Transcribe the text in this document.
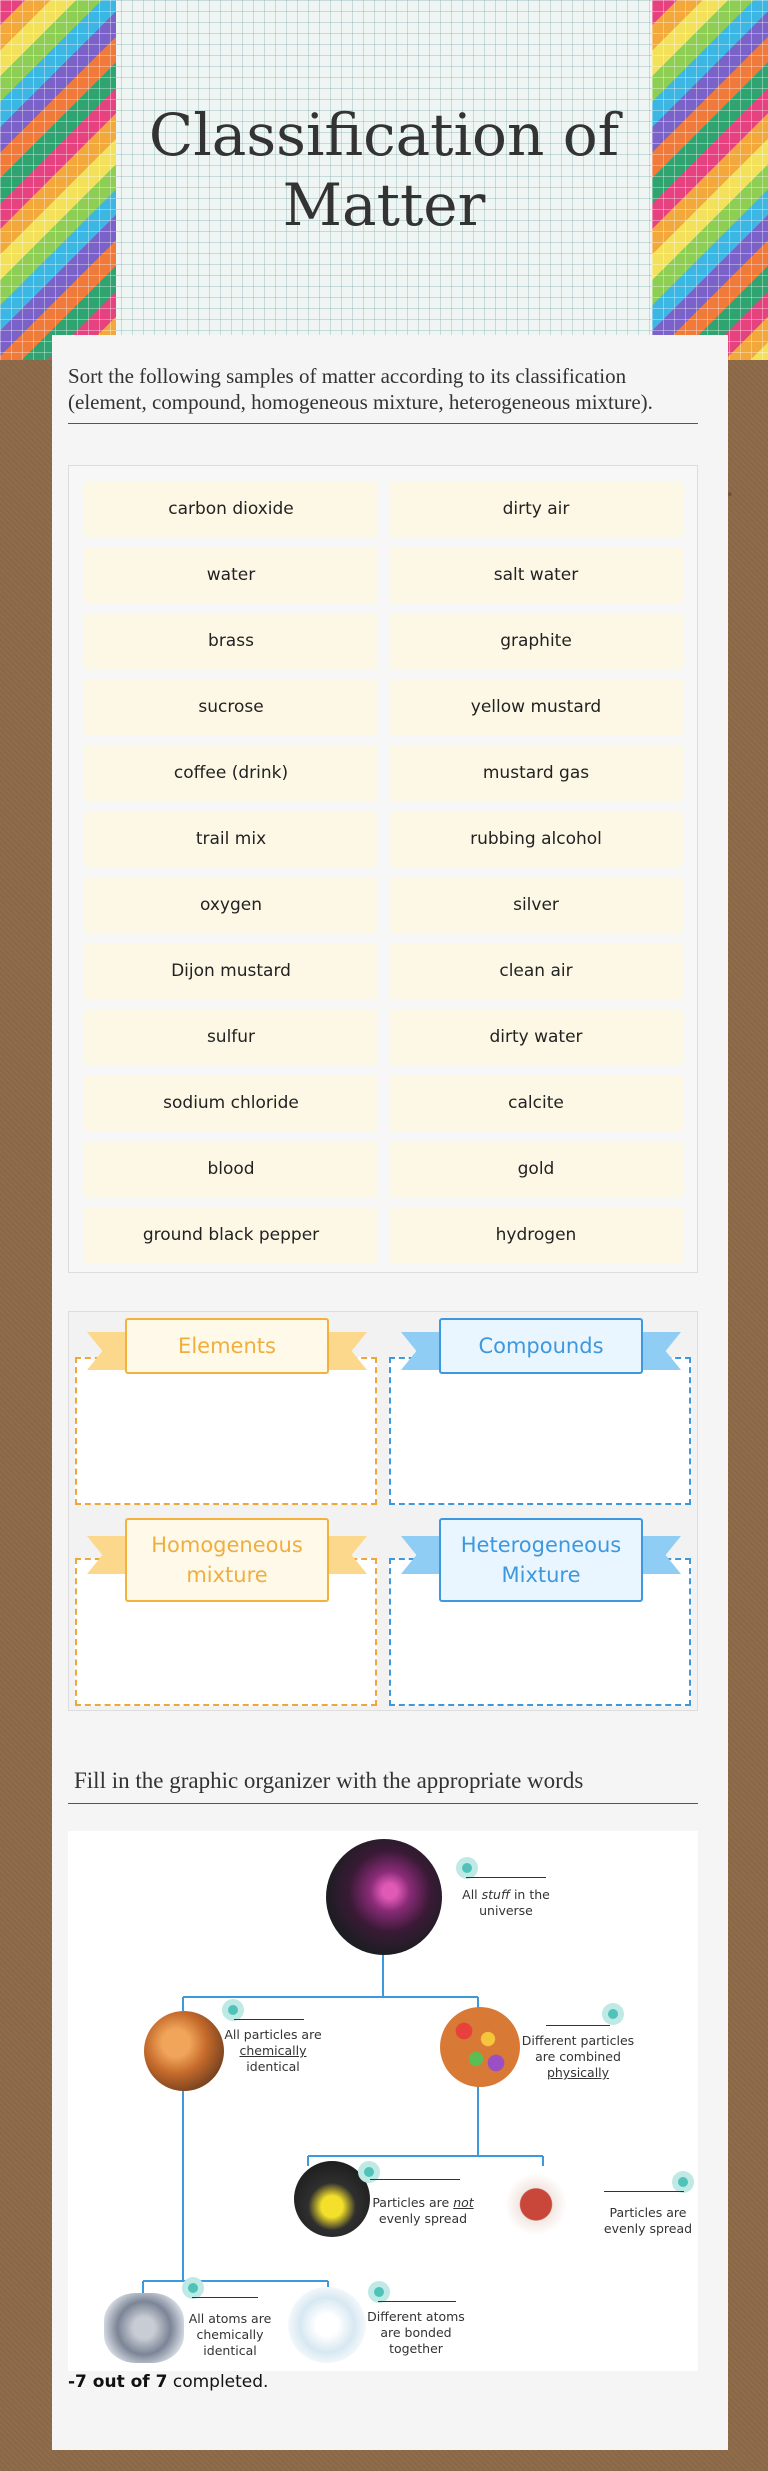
Classification of Matter
Sort the following samples of matter according to its classification (element, compound, homogeneous mixture, heterogeneous mixture).
carbon dioxide	dirty air
water	salt water
brass	graphite
sucrose	yellow mustard
coffee (drink)	mustard gas
trail mix	rubbing alcohol
oxygen	silver
Dijon mustard	clean air
sulfur	dirty water
sodium chloride	calcite
blood	gold
ground black pepper	hydrogen
Elements	Compounds
Homogeneous mixture
Heterogeneous Mixture
Fill in the graphic organizer with the appropriate words
All stuff in the universe
All particles are chemically identical
Different particles are combined physically
Particles are not evenly spread	Particles are evenly spread
All atoms are chemically identical
Different atoms are bonded together
-7 out of 7 completed.
